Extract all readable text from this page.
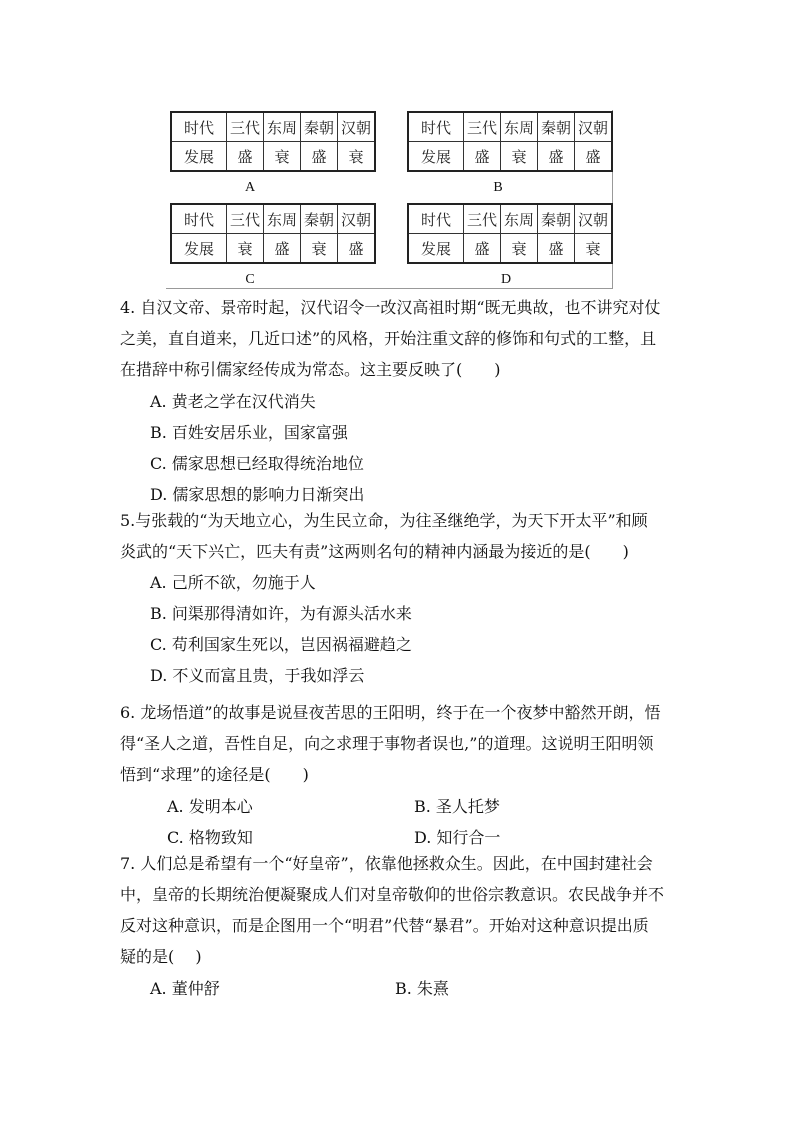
时代	三代	东周	秦朝	汉朝
发展	盛	衰	盛	衰
A
时代	三代	东周	秦朝	汉朝
发展	盛	衰	盛	盛
B
时代	三代	东周	秦朝	汉朝
发展	衰	盛	衰	盛
C
时代	三代	东周	秦朝	汉朝
发展	盛	衰	盛	衰
D

4. 自汉文帝、景帝时起，汉代诏令一改汉高祖时期“既无典故，也不讲究对仗

之美，直自道来，几近口述”的风格，开始注重文辞的修饰和句式的工整，且

在措辞中称引儒家经传成为常态。这主要反映了(　　)

A. 黄老之学在汉代消失
B. 百姓安居乐业，国家富强
C. 儒家思想已经取得统治地位
D. 儒家思想的影响力日渐突出

5.与张载的“为天地立心，为生民立命，为往圣继绝学，为天下开太平”和顾

炎武的“天下兴亡，匹夫有责”这两则名句的精神内涵最为接近的是(　　)

A. 己所不欲，勿施于人
B. 问渠那得清如许，为有源头活水来
C. 苟利国家生死以，岂因祸福避趋之
D. 不义而富且贵，于我如浮云

6. 龙场悟道”的故事是说昼夜苦思的王阳明，终于在一个夜梦中豁然开朗，悟

得“圣人之道，吾性自足，向之求理于事物者误也,”的道理。这说明王阳明领

悟到“求理”的途径是(　　)

A. 发明本心	B. 圣人托梦
C. 格物致知	D. 知行合一

7. 人们总是希望有一个“好皇帝”，依靠他拯救众生。因此，在中国封建社会

中，皇帝的长期统治便凝聚成人们对皇帝敬仰的世俗宗教意识。农民战争并不

反对这种意识，而是企图用一个“明君”代替“暴君”。开始对这种意识提出质

疑的是(　 )

A. 董仲舒	B. 朱熹
